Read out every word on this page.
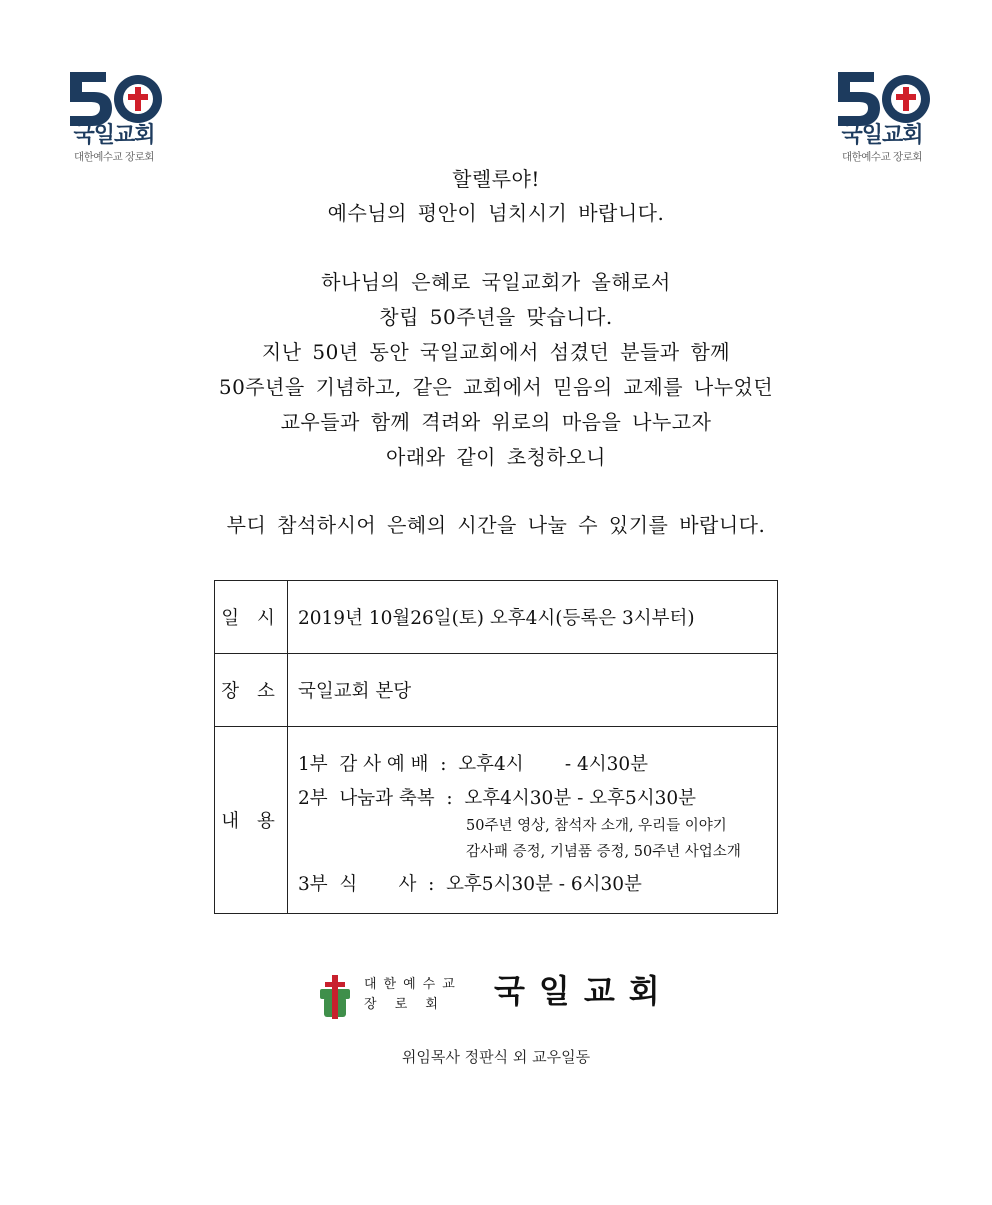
국일교회
대한예수교 장로회
국일교회
대한예수교 장로회
할렐루야!
예수님의 평안이 넘치시기 바랍니다.
하나님의 은혜로 국일교회가 올해로서
창립 50주년을 맞습니다.
지난 50년 동안 국일교회에서 섬겼던 분들과 함께
50주년을 기념하고, 같은 교회에서 믿음의 교제를 나누었던
교우들과 함께 격려와 위로의 마음을 나누고자
아래와 같이 초청하오니
부디 참석하시어 은혜의 시간을 나눌 수 있기를 바랍니다.
일 시	2019년 10월26일(토) 오후4시(등록은 3시부터)
장 소	국일교회 본당
내 용	1부  감 사 예 배  :  오후4시       - 4시30분
2부  나눔과 축복  :  오후4시30분 - 오후5시30분
50주년 영상, 참석자 소개, 우리들 이야기
감사패 증정, 기념품 증정, 50주년 사업소개
3부  식       사  :  오후5시30분 - 6시30분
대한예수교
장 로 회	국일교회
위임목사 정판식 외 교우일동
